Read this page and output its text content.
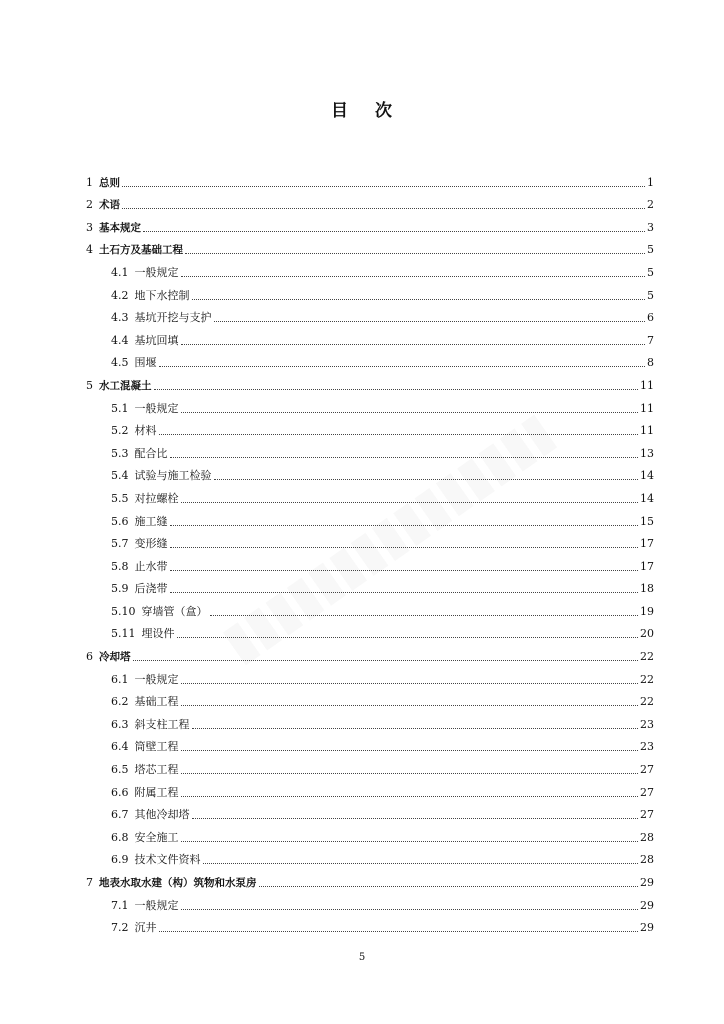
目 次
1 总则	1
2 术语	2
3 基本规定	3
4 土石方及基础工程	5
4.1 一般规定	5
4.2 地下水控制	5
4.3 基坑开挖与支护	6
4.4 基坑回填	7
4.5 围堰	8
5 水工混凝土	11
5.1 一般规定	11
5.2 材料	11
5.3 配合比	13
5.4 试验与施工检验	14
5.5 对拉螺栓	14
5.6 施工缝	15
5.7 变形缝	17
5.8 止水带	17
5.9 后浇带	18
5.10 穿墙管（盒）	19
5.11 埋设件	20
6 冷却塔	22
6.1 一般规定	22
6.2 基础工程	22
6.3 斜支柱工程	23
6.4 筒壁工程	23
6.5 塔芯工程	27
6.6 附属工程	27
6.7 其他冷却塔	27
6.8 安全施工	28
6.9 技术文件资料	28
7 地表水取水建（构）筑物和水泵房	29
7.1 一般规定	29
7.2 沉井	29
5
